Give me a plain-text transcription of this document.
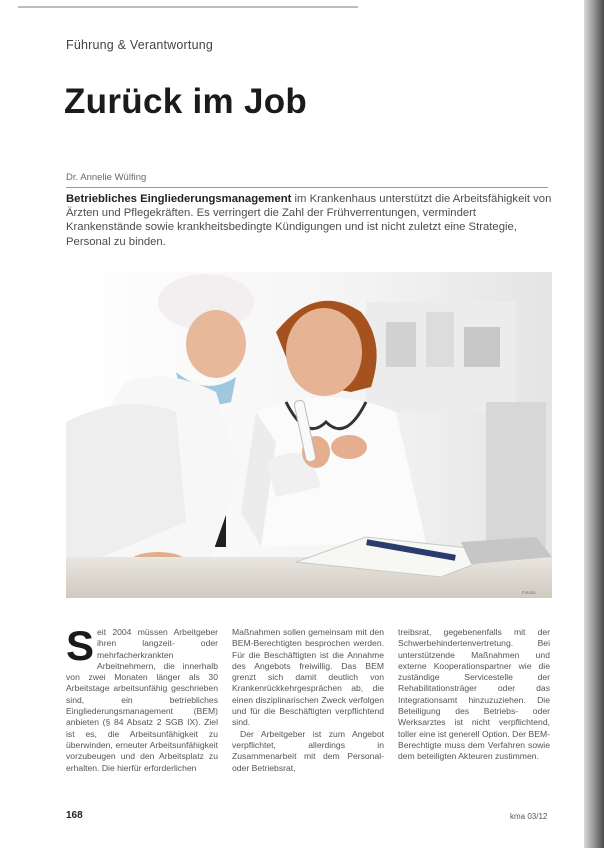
Führung & Verantwortung
Zurück im Job
Dr. Annelie Wülfing

Betriebliches Eingliederungsmanagement im Krankenhaus unterstützt die Arbeitsfähigkeit von Ärzten und Pflegekräften. Es verringert die Zahl der Frühverrentungen, vermindert Krankenstände sowie krankheitsbedingte Kündigungen und ist nicht zuletzt eine Strategie, Personal zu binden.

Fotolia

Seit 2004 müssen Arbeitgeber ihren langzeit- oder mehrfacherkrankten Arbeitnehmern, die innerhalb von zwei Monaten länger als 30 Arbeitstage arbeitsunfähig geschrieben sind, ein betriebliches Eingliederungsmanagement (BEM) anbieten (§ 84 Absatz 2 SGB IX). Ziel ist es, die Arbeitsunfähigkeit zu überwinden, erneuter Arbeitsunfähigkeit vorzubeugen und den Arbeitsplatz zu erhalten. Die hierfür erforderlichen

Maßnahmen sollen gemeinsam mit den BEM-Berechtigten besprochen werden. Für die Beschäftigten ist die Annahme des Angebots freiwillig. Das BEM grenzt sich damit deutlich von Krankenrückkehrgesprächen ab, die einen disziplinarischen Zweck verfolgen und für die Beschäftigten verpflichtend sind.

Der Arbeitgeber ist zum Angebot verpflichtet, allerdings in Zusammenarbeit mit dem Personal- oder Betriebsrat,

treibsrat, gegebenenfalls mit der Schwerbehindertenvertretung. Bei unterstützende Maßnahmen und externe Kooperationspartner wie die zuständige Servicestelle der Rehabilitationsträger oder das Integrationsamt hinzuzuziehen. Die Beteiligung des Betriebs- oder Werksarztes ist nicht verpflichtend, toller eine ist generell Option. Der BEM-Berechtigte muss dem Verfahren sowie dem beteiligten Akteuren zustimmen.

168	kma 03/12
